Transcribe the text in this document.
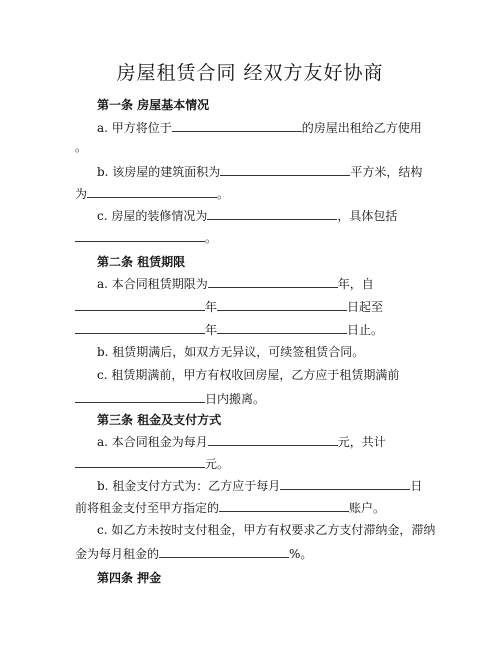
房屋租赁合同 经双方友好协商
第一条 房屋基本情况
a. 甲方将位于	的房屋出租给乙方使用
。
b. 该房屋的建筑面积为	平方米，结构
为	。
c. 房屋的装修情况为	，具体包括
。
第二条 租赁期限
a. 本合同租赁期限为	年，自
年	日起至
年	日止。
b. 租赁期满后，如双方无异议，可续签租赁合同。
c. 租赁期满前，甲方有权收回房屋，乙方应于租赁期满前
日内搬离。
第三条 租金及支付方式
a. 本合同租金为每月	元，共计
元。
b. 租金支付方式为：乙方应于每月	日
前将租金支付至甲方指定的	账户。
c. 如乙方未按时支付租金，甲方有权要求乙方支付滞纳金，滞纳
金为每月租金的	%。
第四条 押金
